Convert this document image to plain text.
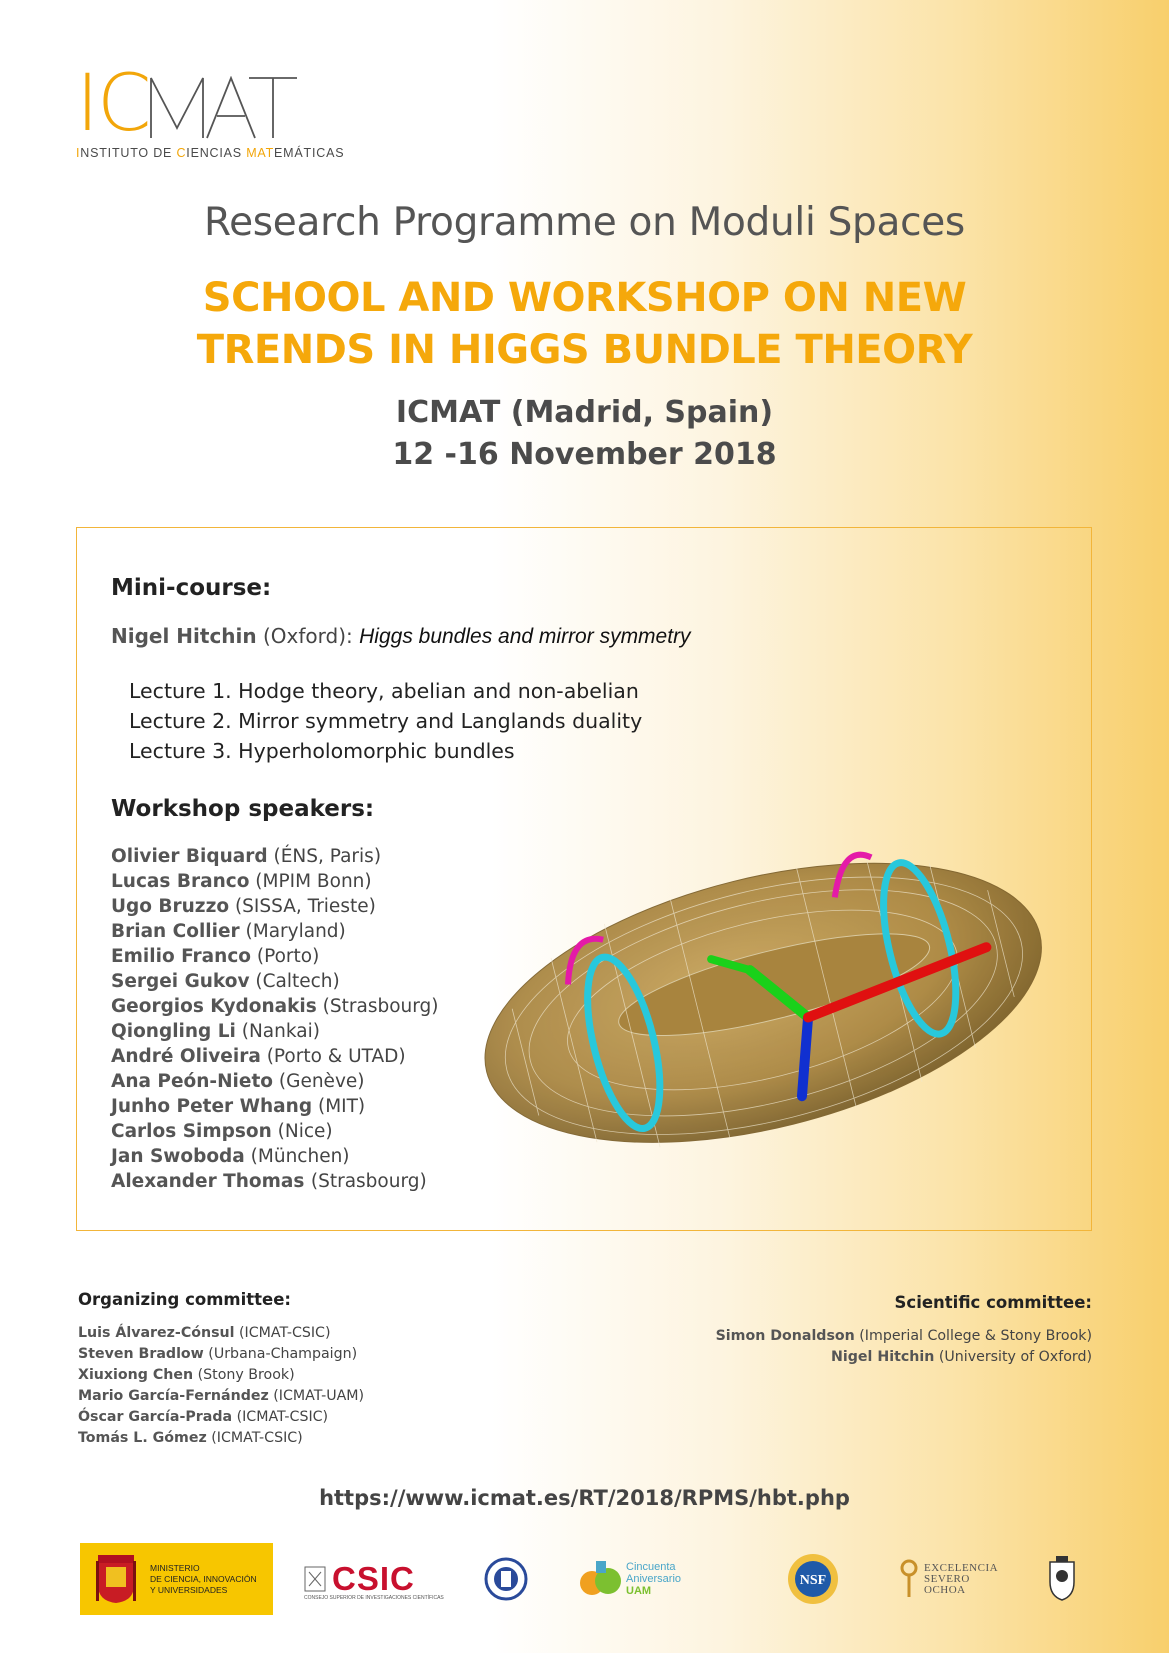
IC
INSTITUTO DE CIENCIAS MATEMÁTICAS
Research Programme on Moduli Spaces
SCHOOL AND WORKSHOP ON NEW
TRENDS IN HIGGS BUNDLE THEORY
ICMAT (Madrid, Spain)
12 -16 November 2018
Mini-course:
Nigel Hitchin (Oxford): Higgs bundles and mirror symmetry
Lecture 1. Hodge theory, abelian and non-abelian
Lecture 2. Mirror symmetry and Langlands duality
Lecture 3. Hyperholomorphic bundles
Workshop speakers:
Olivier Biquard (ÉNS, Paris)
Lucas Branco (MPIM Bonn)
Ugo Bruzzo (SISSA, Trieste)
Brian Collier (Maryland)
Emilio Franco (Porto)
Sergei Gukov (Caltech)
Georgios Kydonakis (Strasbourg)
Qiongling Li (Nankai)
André Oliveira (Porto & UTAD)
Ana Peón-Nieto (Genève)
Junho Peter Whang (MIT)
Carlos Simpson (Nice)
Jan Swoboda (München)
Alexander Thomas (Strasbourg)
Organizing committee:
Luis Álvarez-Cónsul (ICMAT-CSIC)
Steven Bradlow (Urbana-Champaign)
Xiuxiong Chen (Stony Brook)
Mario García-Fernández (ICMAT-UAM)
Óscar García-Prada (ICMAT-CSIC)
Tomás L. Gómez (ICMAT-CSIC)
Scientific committee:
Simon Donaldson (Imperial College & Stony Brook)
Nigel Hitchin (University of Oxford)
https://www.icmat.es/RT/2018/RPMS/hbt.php
MINISTERIO
DE CIENCIA, INNOVACIÓN
Y UNIVERSIDADES	CSIC
CONSEJO SUPERIOR DE INVESTIGACIONES CIENTÍFICAS
Cincuenta
Aniversario
UAM
NSF
EXCELENCIA
SEVERO
OCHOA
